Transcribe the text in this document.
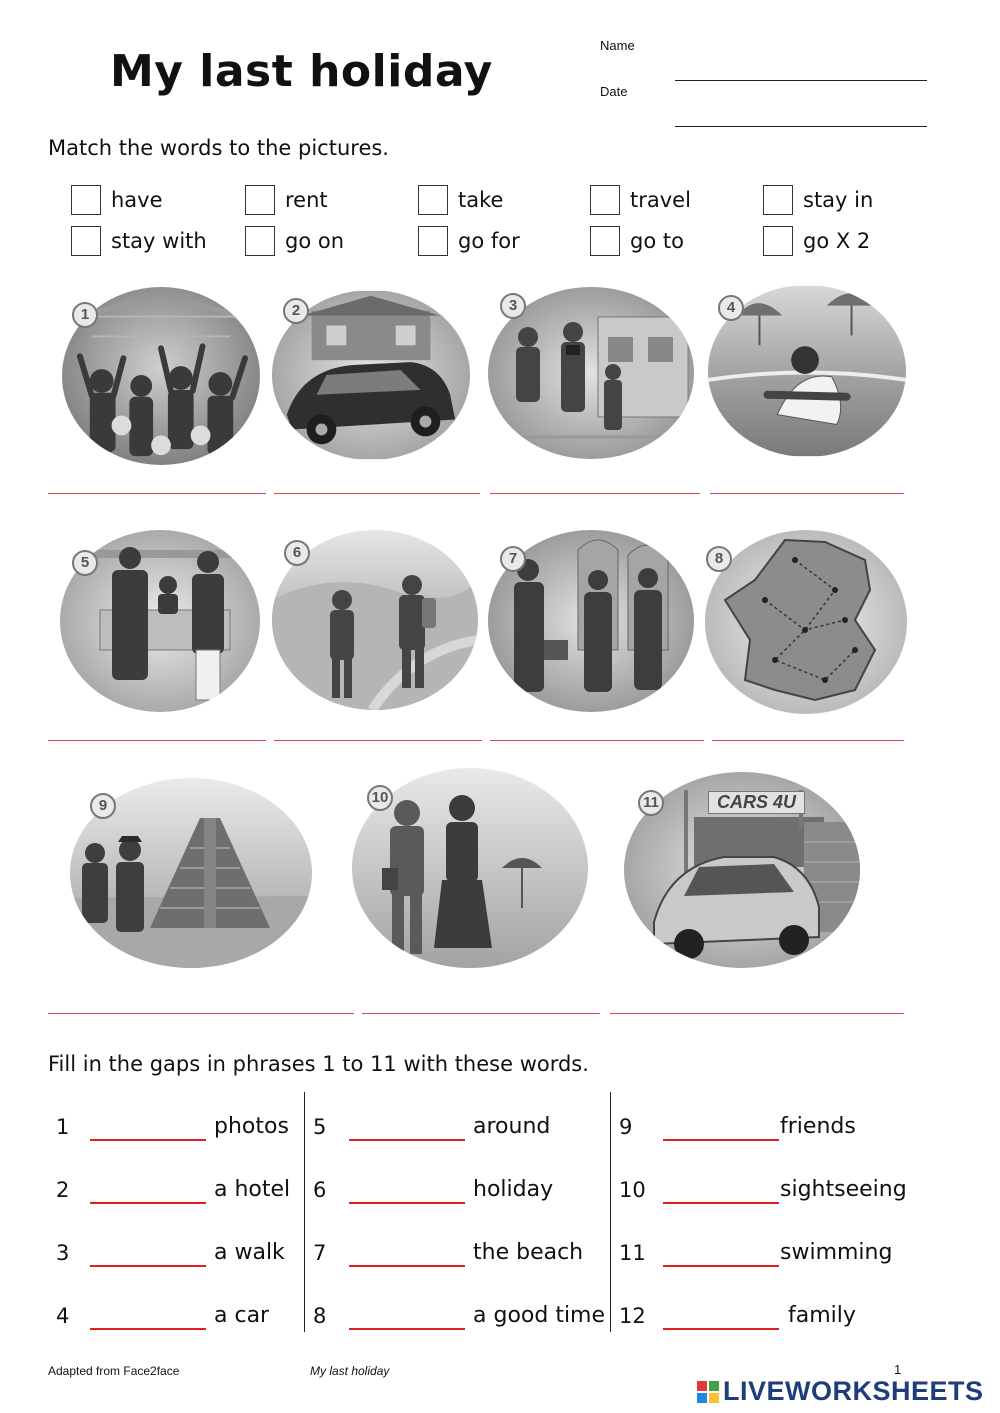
My last holiday
Name
Date
Match the words to the pictures.
have	rent	take	travel	stay in
stay with	go on	go for	go to	go X 2
1	2	3	4
5
6	7	8
9	10	CARS 4U
11
Fill in the gaps in phrases 1 to 11 with these words.
1	photos
2	a hotel
3	a walk
4	a car
5	around
6	holiday
7	the beach
8	a good time
9	friends
10	sightseeing
11	swimming
12	family
Adapted from Face2face	My last holiday	1
LIVEWORKSHEETS
